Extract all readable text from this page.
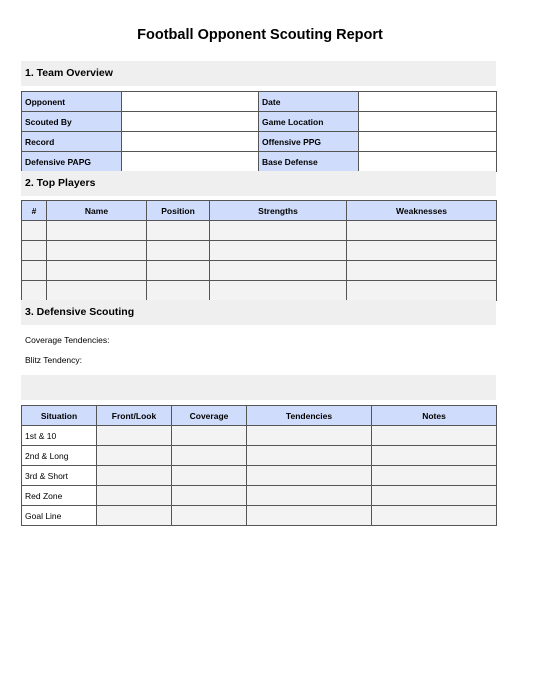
Football Opponent Scouting Report
1. Team Overview
Opponent		Date	
Scouted By		Game Location	
Record		Offensive PPG	
Defensive PAPG		Base Defense	
2. Top Players
#	Name	Position	Strengths	Weaknesses

3. Defensive Scouting
Coverage Tendencies:
Blitz Tendency:
Situation	Front/Look	Coverage	Tendencies	Notes
1st & 10				
2nd & Long				
3rd & Short				
Red Zone				
Goal Line				
